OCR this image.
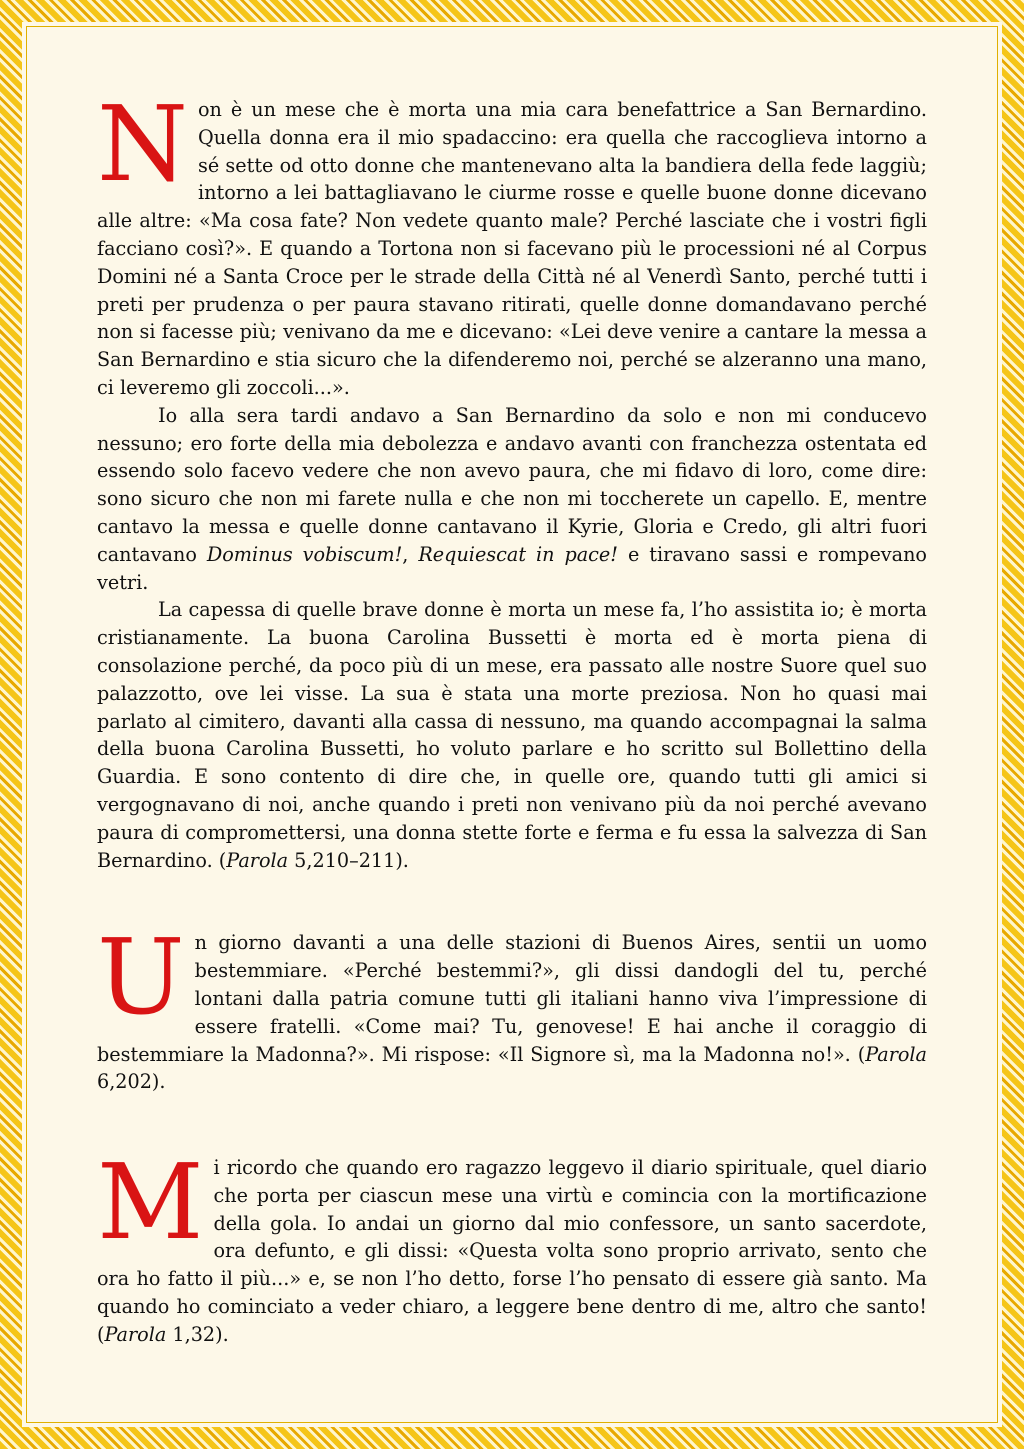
Non è un mese che è morta una mia cara benefattrice a San Bernardino. Quella donna era il mio spadaccino: era quella che raccoglieva intorno a sé sette od otto donne che mantenevano alta la bandiera della fede laggiù; intorno a lei battagliavano le ciurme rosse e quelle buone donne dicevano alle altre: «Ma cosa fate? Non vedete quanto male? Perché lasciate che i vostri figli facciano così?». E quando a Tortona non si facevano più le processioni né al Corpus Domini né a Santa Croce per le strade della Città né al Venerdì Santo, perché tutti i preti per prudenza o per paura stavano ritirati, quelle donne domandavano perché non si facesse più; venivano da me e dicevano: «Lei deve venire a cantare la messa a San Bernardino e stia sicuro che la difenderemo noi, perché se alzeranno una mano, ci leveremo gli zoccoli...».

Io alla sera tardi andavo a San Bernardino da solo e non mi conducevo nessuno; ero forte della mia debolezza e andavo avanti con franchezza ostentata ed essendo solo facevo vedere che non avevo paura, che mi fidavo di loro, come dire: sono sicuro che non mi farete nulla e che non mi toccherete un capello. E, mentre cantavo la messa e quelle donne cantavano il Kyrie, Gloria e Credo, gli altri fuori cantavano Dominus vobiscum!, Requiescat in pace! e tiravano sassi e rompevano vetri.

La capessa di quelle brave donne è morta un mese fa, l’ho assistita io; è morta cristianamente. La buona Carolina Bussetti è morta ed è morta piena di consolazione perché, da poco più di un mese, era passato alle nostre Suore quel suo palazzotto, ove lei visse. La sua è stata una morte preziosa. Non ho quasi mai parlato al cimitero, davanti alla cassa di nessuno, ma quando accompagnai la salma della buona Carolina Bussetti, ho voluto parlare e ho scritto sul Bollettino della Guardia. E sono contento di dire che, in quelle ore, quando tutti gli amici si vergognavano di noi, anche quando i preti non venivano più da noi perché avevano paura di compromettersi, una donna stette forte e ferma e fu essa la salvezza di San Bernardino. (Parola 5,210–211).

Un giorno davanti a una delle stazioni di Buenos Aires, sentii un uomo bestemmiare. «Perché bestemmi?», gli dissi dandogli del tu, perché lontani dalla patria comune tutti gli italiani hanno viva l’impressione di essere fratelli. «Come mai? Tu, genovese! E hai anche il coraggio di bestemmiare la Madonna?». Mi rispose: «Il Signore sì, ma la Madonna no!». (Parola 6,202).

Mi ricordo che quando ero ragazzo leggevo il diario spirituale, quel diario che porta per ciascun mese una virtù e comincia con la mortificazione della gola. Io andai un giorno dal mio confessore, un santo sacerdote, ora defunto, e gli dissi: «Questa volta sono proprio arrivato, sento che ora ho fatto il più...» e, se non l’ho detto, forse l’ho pensato di essere già santo. Ma quando ho cominciato a veder chiaro, a leggere bene dentro di me, altro che santo! (Parola 1,32).
